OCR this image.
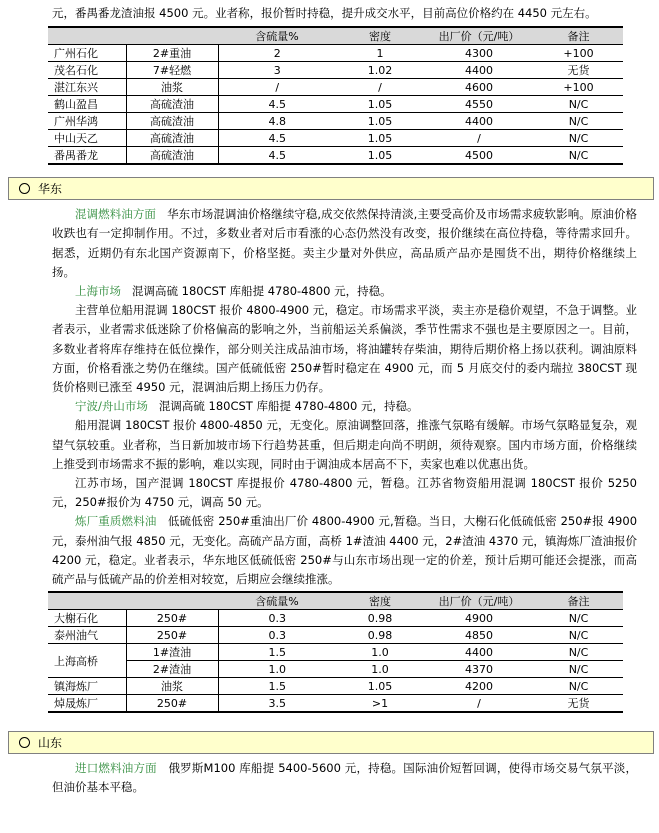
元，番禺番龙渣油报 4500 元。业者称，报价暂时持稳，提升成交水平，目前高位价格约在 4450 元左右。
		含硫量%	密度	出厂价（元/吨）	备注
广州石化	2#重油	2	1	4300	+100
茂名石化	7#轻燃	3	1.02	4400	无货
湛江东兴	油浆	/	/	4600	+100
鹤山盈昌	高硫渣油	4.5	1.05	4550	N/C
广州华鸿	高硫渣油	4.8	1.05	4400	N/C
中山天乙	高硫渣油	4.5	1.05	/	N/C
番禺番龙	高硫渣油	4.5	1.05	4500	N/C
华东

混调燃料油方面 华东市场混调油价格继续守稳,成交依然保持清淡,主要受高价及市场需求疲软影响。原油价格收跌也有一定抑制作用。不过，多数业者对后市看涨的心态仍然没有改变，报价继续在高位持稳，等待需求回升。据悉，近期仍有东北国产资源南下，价格坚挺。卖主少量对外供应，高品质产品亦是囤货不出，期待价格继续上扬。

上海市场 混调高硫 180CST 库船提 4780-4800 元，持稳。

主营单位船用混调 180CST 报价 4800-4900 元，稳定。市场需求平淡，卖主亦是稳价观望，不急于调整。业者表示，业者需求低迷除了价格偏高的影响之外，当前船运关系偏淡，季节性需求不强也是主要原因之一。目前，多数业者将库存维持在低位操作，部分则关注成品油市场，将油罐转存柴油，期待后期价格上扬以获利。调油原料方面，价格看涨之势仍在继续。国产低硫低密 250#暂时稳定在 4900 元，而 5 月底交付的委内瑞拉 380CST 现货价格则已涨至 4950 元，混调油后期上扬压力仍存。

宁波/舟山市场 混调高硫 180CST 库船提 4780-4800 元，持稳。

船用混调 180CST 报价 4800-4850 元，无变化。原油调整回落，推涨气氛略有缓解。市场气氛略显复杂，观望气氛较重。业者称，当日新加坡市场下行趋势甚重，但后期走向尚不明朗，须待观察。国内市场方面，价格继续上推受到市场需求不振的影响，难以实现，同时由于调油成本居高不下，卖家也难以优惠出货。

江苏市场，国产混调 180CST 库提报价 4780-4800 元，暂稳。江苏省物资船用混调 180CST 报价 5250 元，250#报价为 4750 元，调高 50 元。

炼厂重质燃料油 低硫低密 250#重油出厂价 4800-4900 元,暂稳。当日，大榭石化低硫低密 250#报 4900 元，泰州油气报 4850 元，无变化。高硫产品方面，高桥 1#渣油 4400 元，2#渣油 4370 元，镇海炼厂渣油报价 4200 元，稳定。业者表示，华东地区低硫低密 250#与山东市场出现一定的价差，预计后期可能还会提涨，而高硫产品与低硫产品的价差相对较宽，后期应会继续推涨。

		含硫量%	密度	出厂价（元/吨）	备注
大榭石化	250#	0.3	0.98	4900	N/C
泰州油气	250#	0.3	0.98	4850	N/C
上海高桥	1#渣油	1.5	1.0	4400	N/C
	2#渣油	1.0	1.0	4370	N/C
镇海炼厂	油浆	1.5	1.05	4200	N/C
焯晟炼厂	250#	3.5	>1	/	无货
山东

进口燃料油方面 俄罗斯M100 库船提 5400-5600 元，持稳。国际油价短暂回调，使得市场交易气氛平淡，但油价基本平稳。
